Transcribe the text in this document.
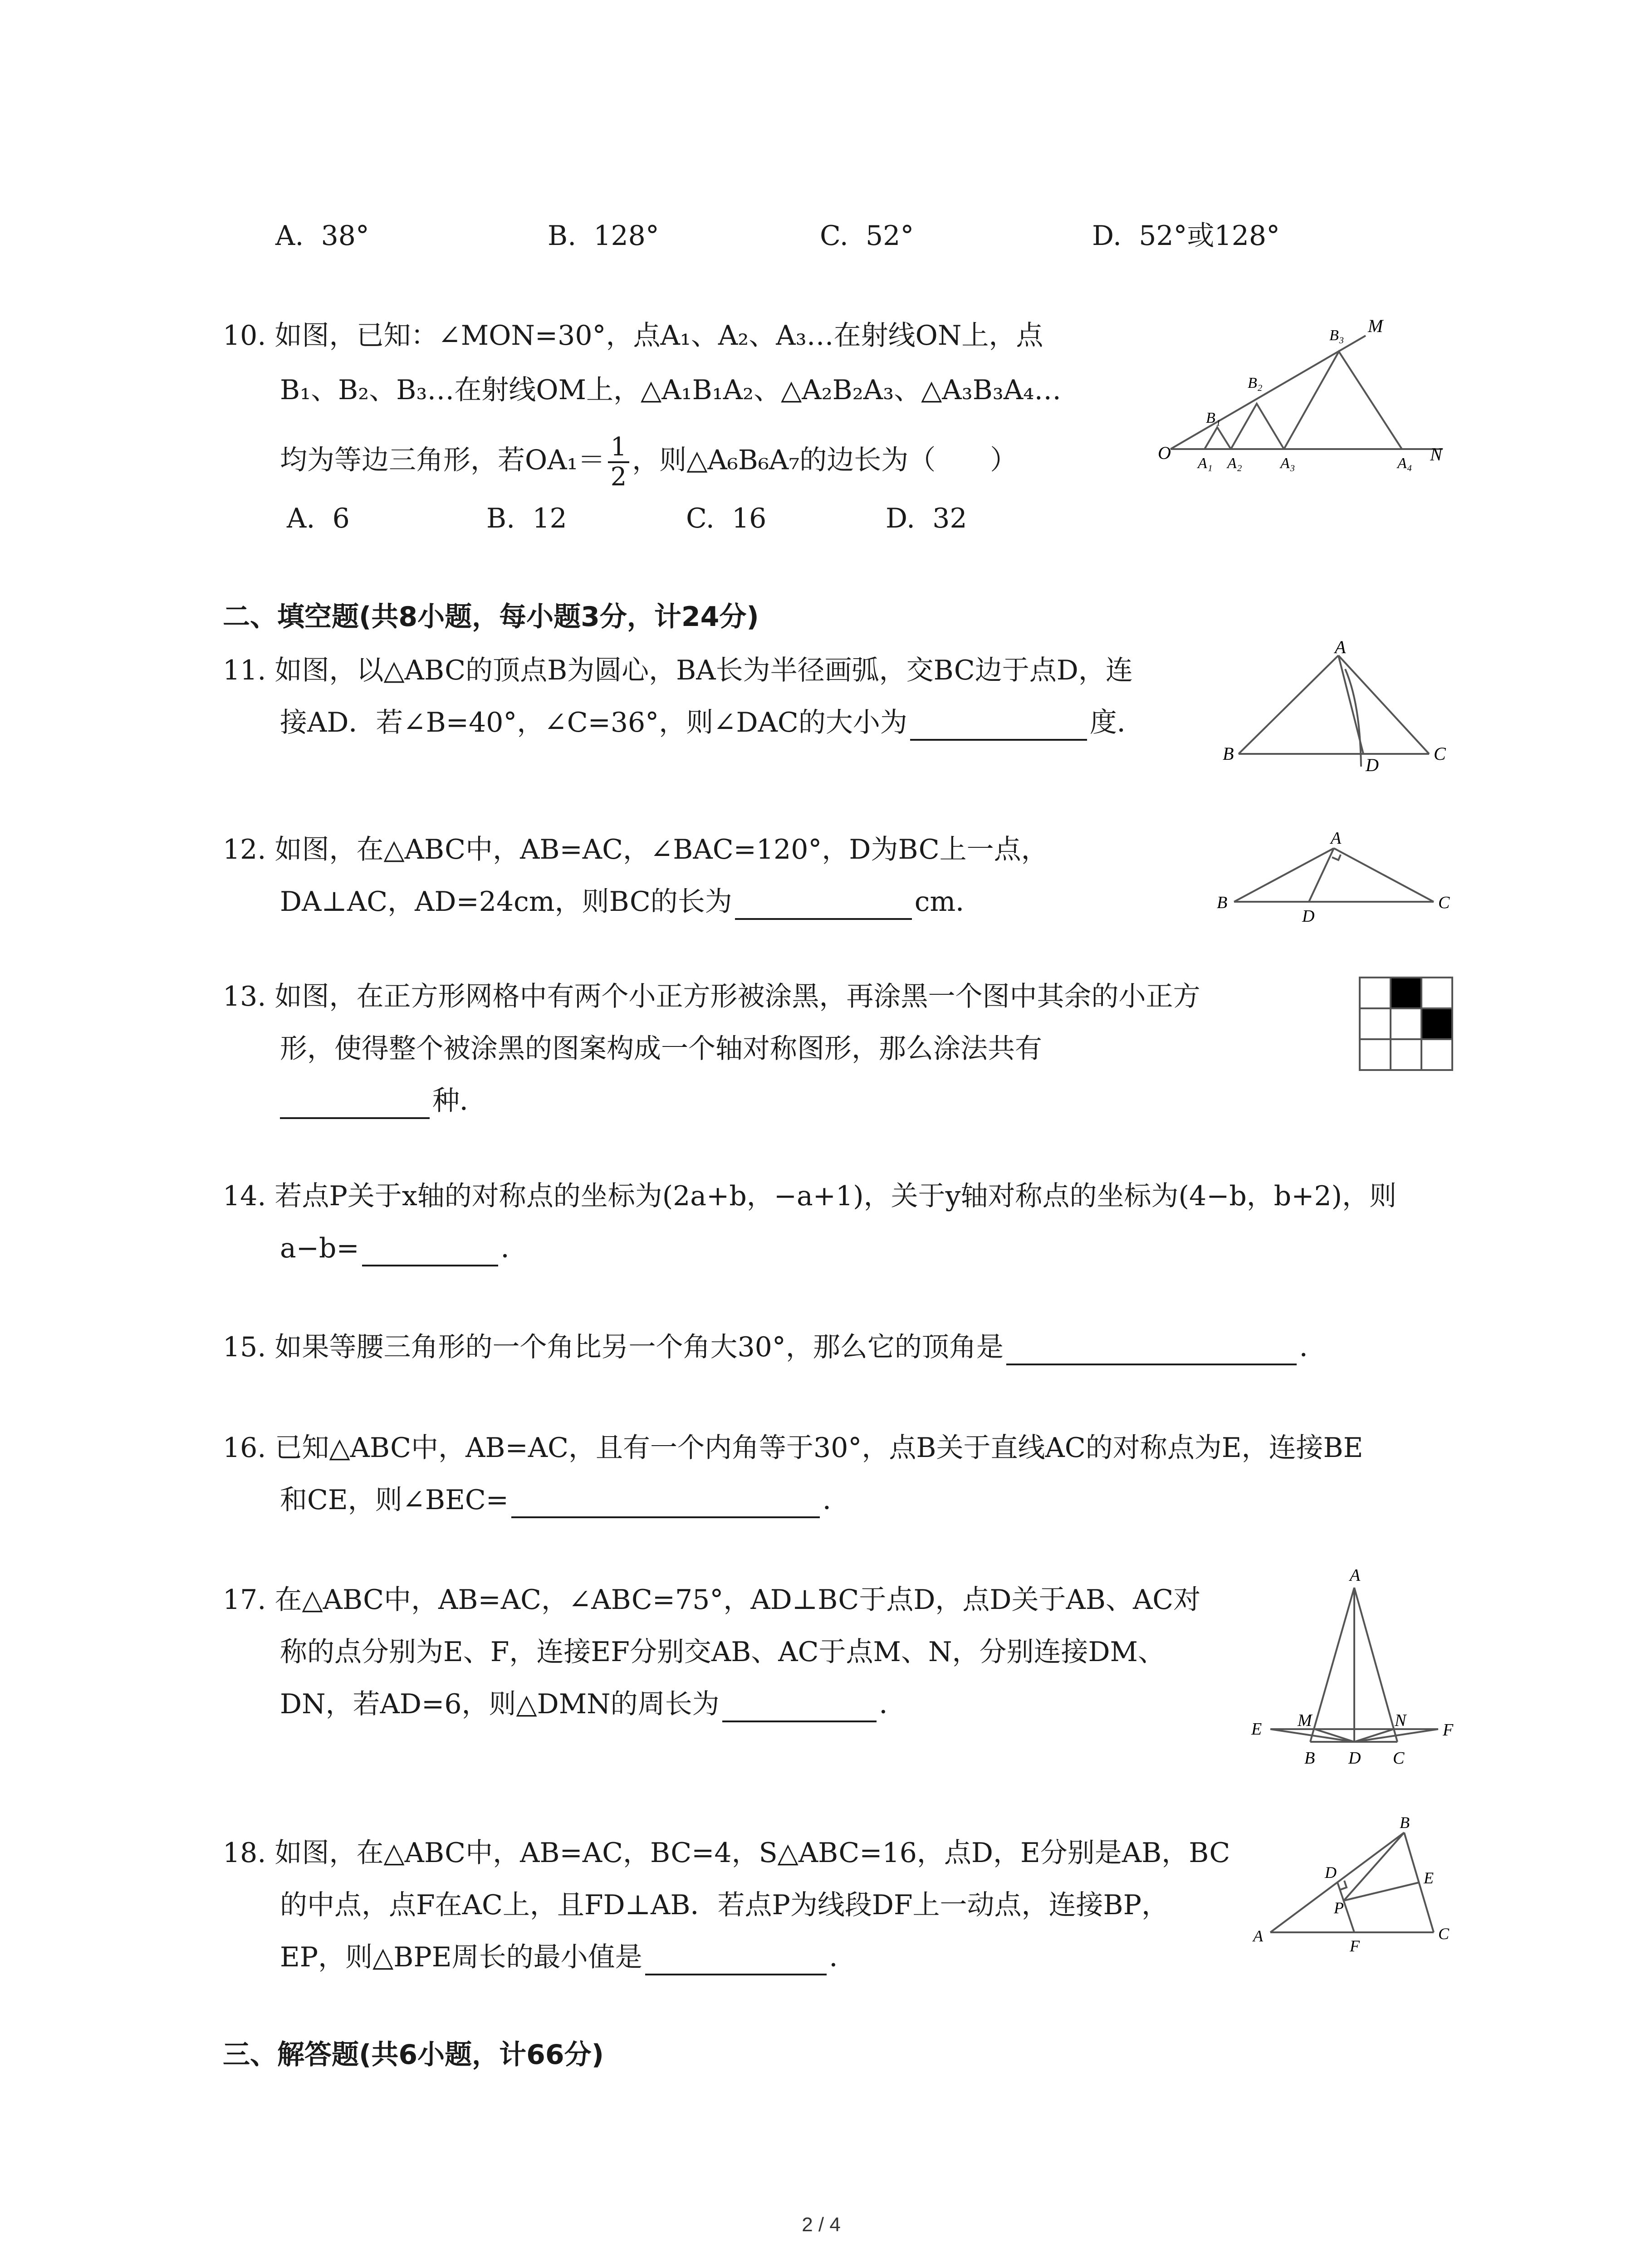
A. 38°	B. 128°	C. 52°	D. 52°或128°
10. 如图，已知：∠MON=30°，点A₁、A₂、A₃…在射线ON上，点
B₁、B₂、B₃…在射线OM上，△A₁B₁A₂、△A₂B₂A₃、△A₃B₃A₄…
均为等边三角形，若$OA_1= \frac{1}{2}$ ，则△A₆B₆A₇的边长为（　　）
A. 6	B. 12	C. 16	D. 32
O
M
N
A₁ A₂ A₃	A₄
B₁
B₂
B₃
二、填空题(共8小题，每小题3分，计24分)
11. 如图，以△ABC的顶点B为圆心，BA长为半径画弧，交BC边于点D，连
接AD．若∠B=40°，∠C=36°，则∠DAC的大小为	度．
A
B	C
D
12. 如图，在△ABC中，AB=AC，∠BAC=120°，D为BC上一点，
DA⊥AC，AD=24cm，则BC的长为	cm．
A
B	C
D
13. 如图，在正方形网格中有两个小正方形被涂黑，再涂黑一个图中其余的小正方
形，使得整个被涂黑的图案构成一个轴对称图形，那么涂法共有
种．
14. 若点P关于x轴的对称点的坐标为(2a+b，−a+1)，关于y轴对称点的坐标为(4−b，b+2)，则
a−b=	．
15. 如果等腰三角形的一个角比另一个角大30°，那么它的顶角是	．
16. 已知△ABC中，AB=AC，且有一个内角等于30°，点B关于直线AC的对称点为E，连接BE
和CE，则∠BEC=	．
17. 在△ABC中，AB=AC，∠ABC=75°，AD⊥BC于点D，点D关于AB、AC对
称的点分别为E、F，连接EF分别交AB、AC于点M、N，分别连接DM、
DN，若AD=6，则△DMN的周长为	．
A
E	F
M	N
B D C
18. 如图，在△ABC中，AB=AC，BC=4，S△ABC=16，点D，E分别是AB，BC
的中点，点F在AC上，且FD⊥AB．若点P为线段DF上一动点，连接BP，
EP，则△BPE周长的最小值是	．
B
D	E
P
A
F
C
三、解答题(共6小题，计66分)
2 / 4
